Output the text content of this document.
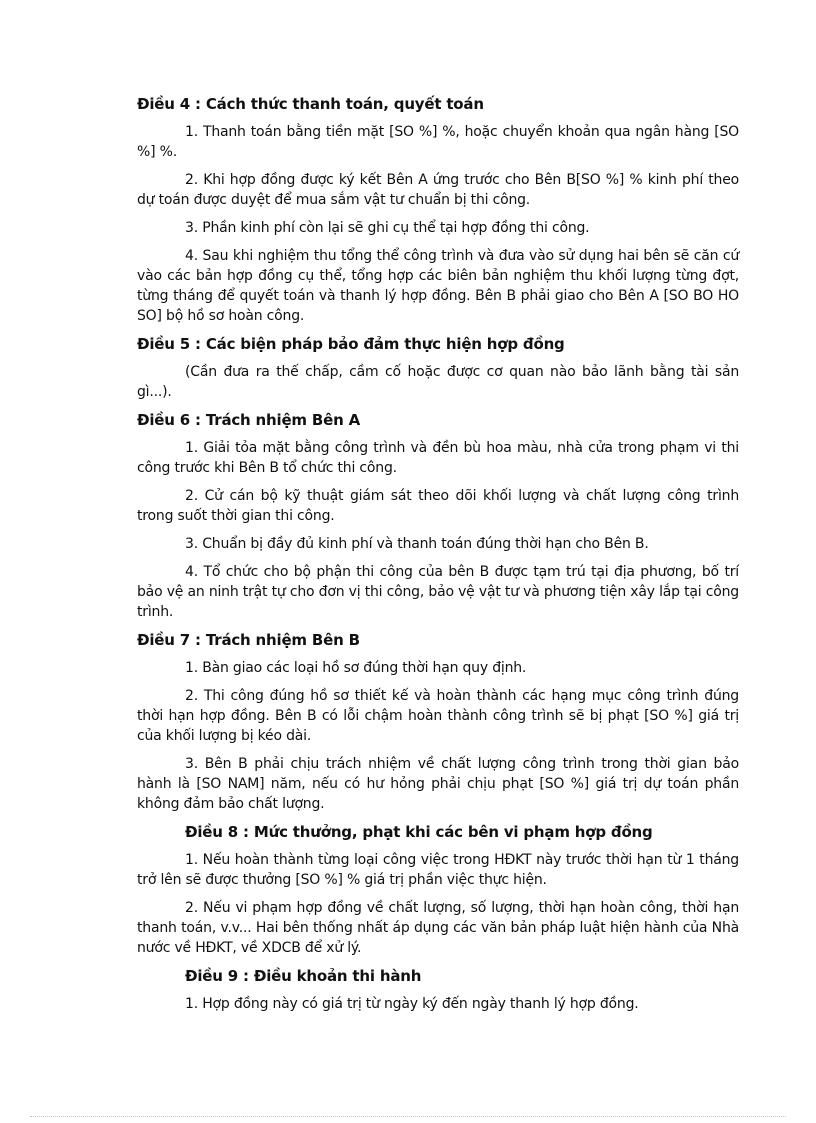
Điều 4 : Cách thức thanh toán, quyết toán

1. Thanh toán bằng tiền mặt [SO %] %, hoặc chuyển khoản qua ngân hàng [SO %] %.

2. Khi hợp đồng được ký kết Bên A ứng trước cho Bên B[SO %] % kinh phí theo dự toán được duyệt để mua sắm vật tư chuẩn bị thi công.

3. Phần kinh phí còn lại sẽ ghi cụ thể tại hợp đồng thi công.

4. Sau khi nghiệm thu tổng thể công trình và đưa vào sử dụng hai bên sẽ căn cứ vào các bản hợp đồng cụ thể, tổng hợp các biên bản nghiệm thu khối lượng từng đợt, từng tháng để quyết toán và thanh lý hợp đồng. Bên B phải giao cho Bên A [SO BO HO SO] bộ hồ sơ hoàn công.

Điều 5 : Các biện pháp bảo đảm thực hiện hợp đồng

(Cần đưa ra thế chấp, cầm cố hoặc được cơ quan nào bảo lãnh bằng tài sản gì...).

Điều 6 : Trách nhiệm Bên A

1. Giải tỏa mặt bằng công trình và đền bù hoa màu, nhà cửa trong phạm vi thi công trước khi Bên B tổ chức thi công.

2. Cử cán bộ kỹ thuật giám sát theo dõi khối lượng và chất lượng công trình trong suốt thời gian thi công.

3. Chuẩn bị đầy đủ kinh phí và thanh toán đúng thời hạn cho Bên B.

4. Tổ chức cho bộ phận thi công của bên B được tạm trú tại địa phương, bố trí bảo vệ an ninh trật tự cho đơn vị thi công, bảo vệ vật tư và phương tiện xây lắp tại công trình.

Điều 7 : Trách nhiệm Bên B

1. Bàn giao các loại hồ sơ đúng thời hạn quy định.

2. Thi công đúng hồ sơ thiết kế và hoàn thành các hạng mục công trình đúng thời hạn hợp đồng. Bên B có lỗi chậm hoàn thành công trình sẽ bị phạt [SO %] giá trị của khối lượng bị kéo dài.

3. Bên B phải chịu trách nhiệm về chất lượng công trình trong thời gian bảo hành là [SO NAM] năm, nếu có hư hỏng phải chịu phạt [SO %] giá trị dự toán phần không đảm bảo chất lượng.

Điều 8 : Mức thưởng, phạt khi các bên vi phạm hợp đồng

1. Nếu hoàn thành từng loại công việc trong HĐKT này trước thời hạn từ 1 tháng trở lên sẽ được thưởng [SO %] % giá trị phần việc thực hiện.

2. Nếu vi phạm hợp đồng về chất lượng, số lượng, thời hạn hoàn công, thời hạn thanh toán, v.v... Hai bên thống nhất áp dụng các văn bản pháp luật hiện hành của Nhà nước về HĐKT, về XDCB để xử lý.

Điều 9 : Điều khoản thi hành

1. Hợp đồng này có giá trị từ ngày ký đến ngày thanh lý hợp đồng.
